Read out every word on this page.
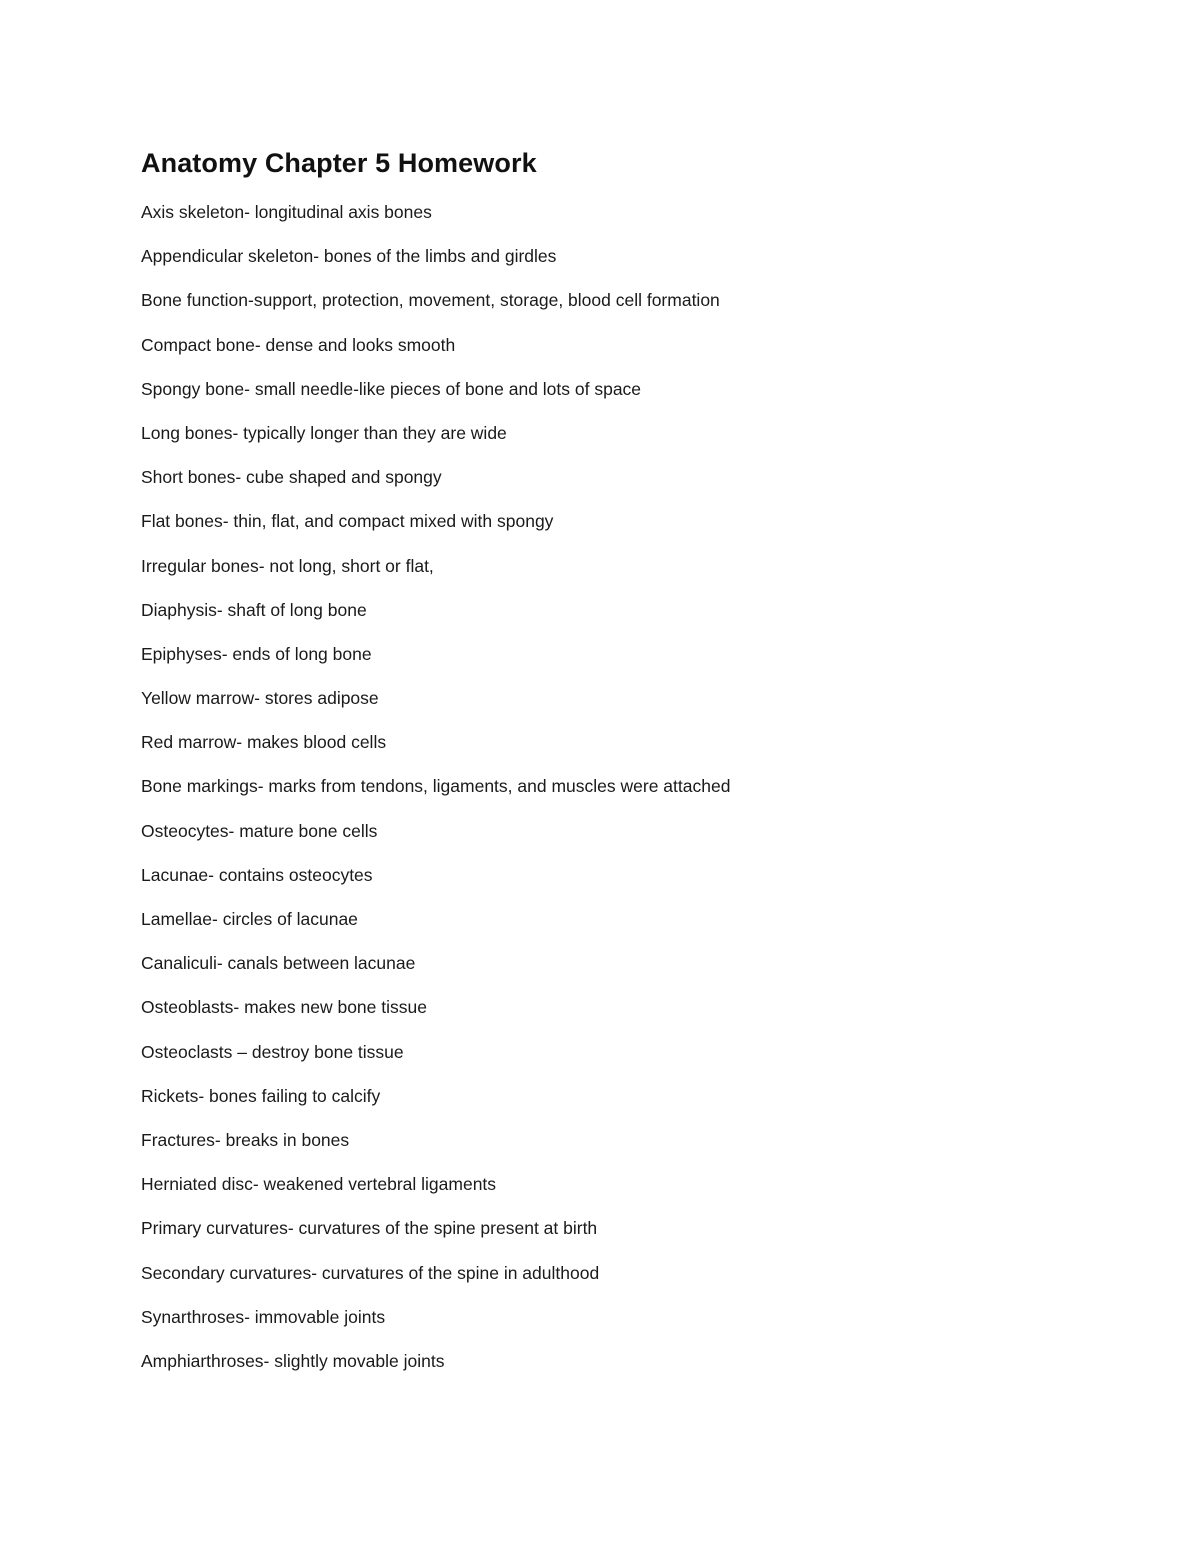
Anatomy Chapter 5 Homework
Axis skeleton- longitudinal axis bones
Appendicular skeleton- bones of the limbs and girdles
Bone function-support, protection, movement, storage, blood cell formation
Compact bone- dense and looks smooth
Spongy bone- small needle-like pieces of bone and lots of space
Long bones- typically longer than they are wide
Short bones- cube shaped and spongy
Flat bones- thin, flat, and compact mixed with spongy
Irregular bones- not long, short or flat,
Diaphysis- shaft of long bone
Epiphyses- ends of long bone
Yellow marrow- stores adipose
Red marrow- makes blood cells
Bone markings- marks from tendons, ligaments, and muscles were attached
Osteocytes- mature bone cells
Lacunae- contains osteocytes
Lamellae- circles of lacunae
Canaliculi- canals between lacunae
Osteoblasts- makes new bone tissue
Osteoclasts – destroy bone tissue
Rickets- bones failing to calcify
Fractures- breaks in bones
Herniated disc- weakened vertebral ligaments
Primary curvatures- curvatures of the spine present at birth
Secondary curvatures- curvatures of the spine in adulthood
Synarthroses- immovable joints
Amphiarthroses- slightly movable joints
